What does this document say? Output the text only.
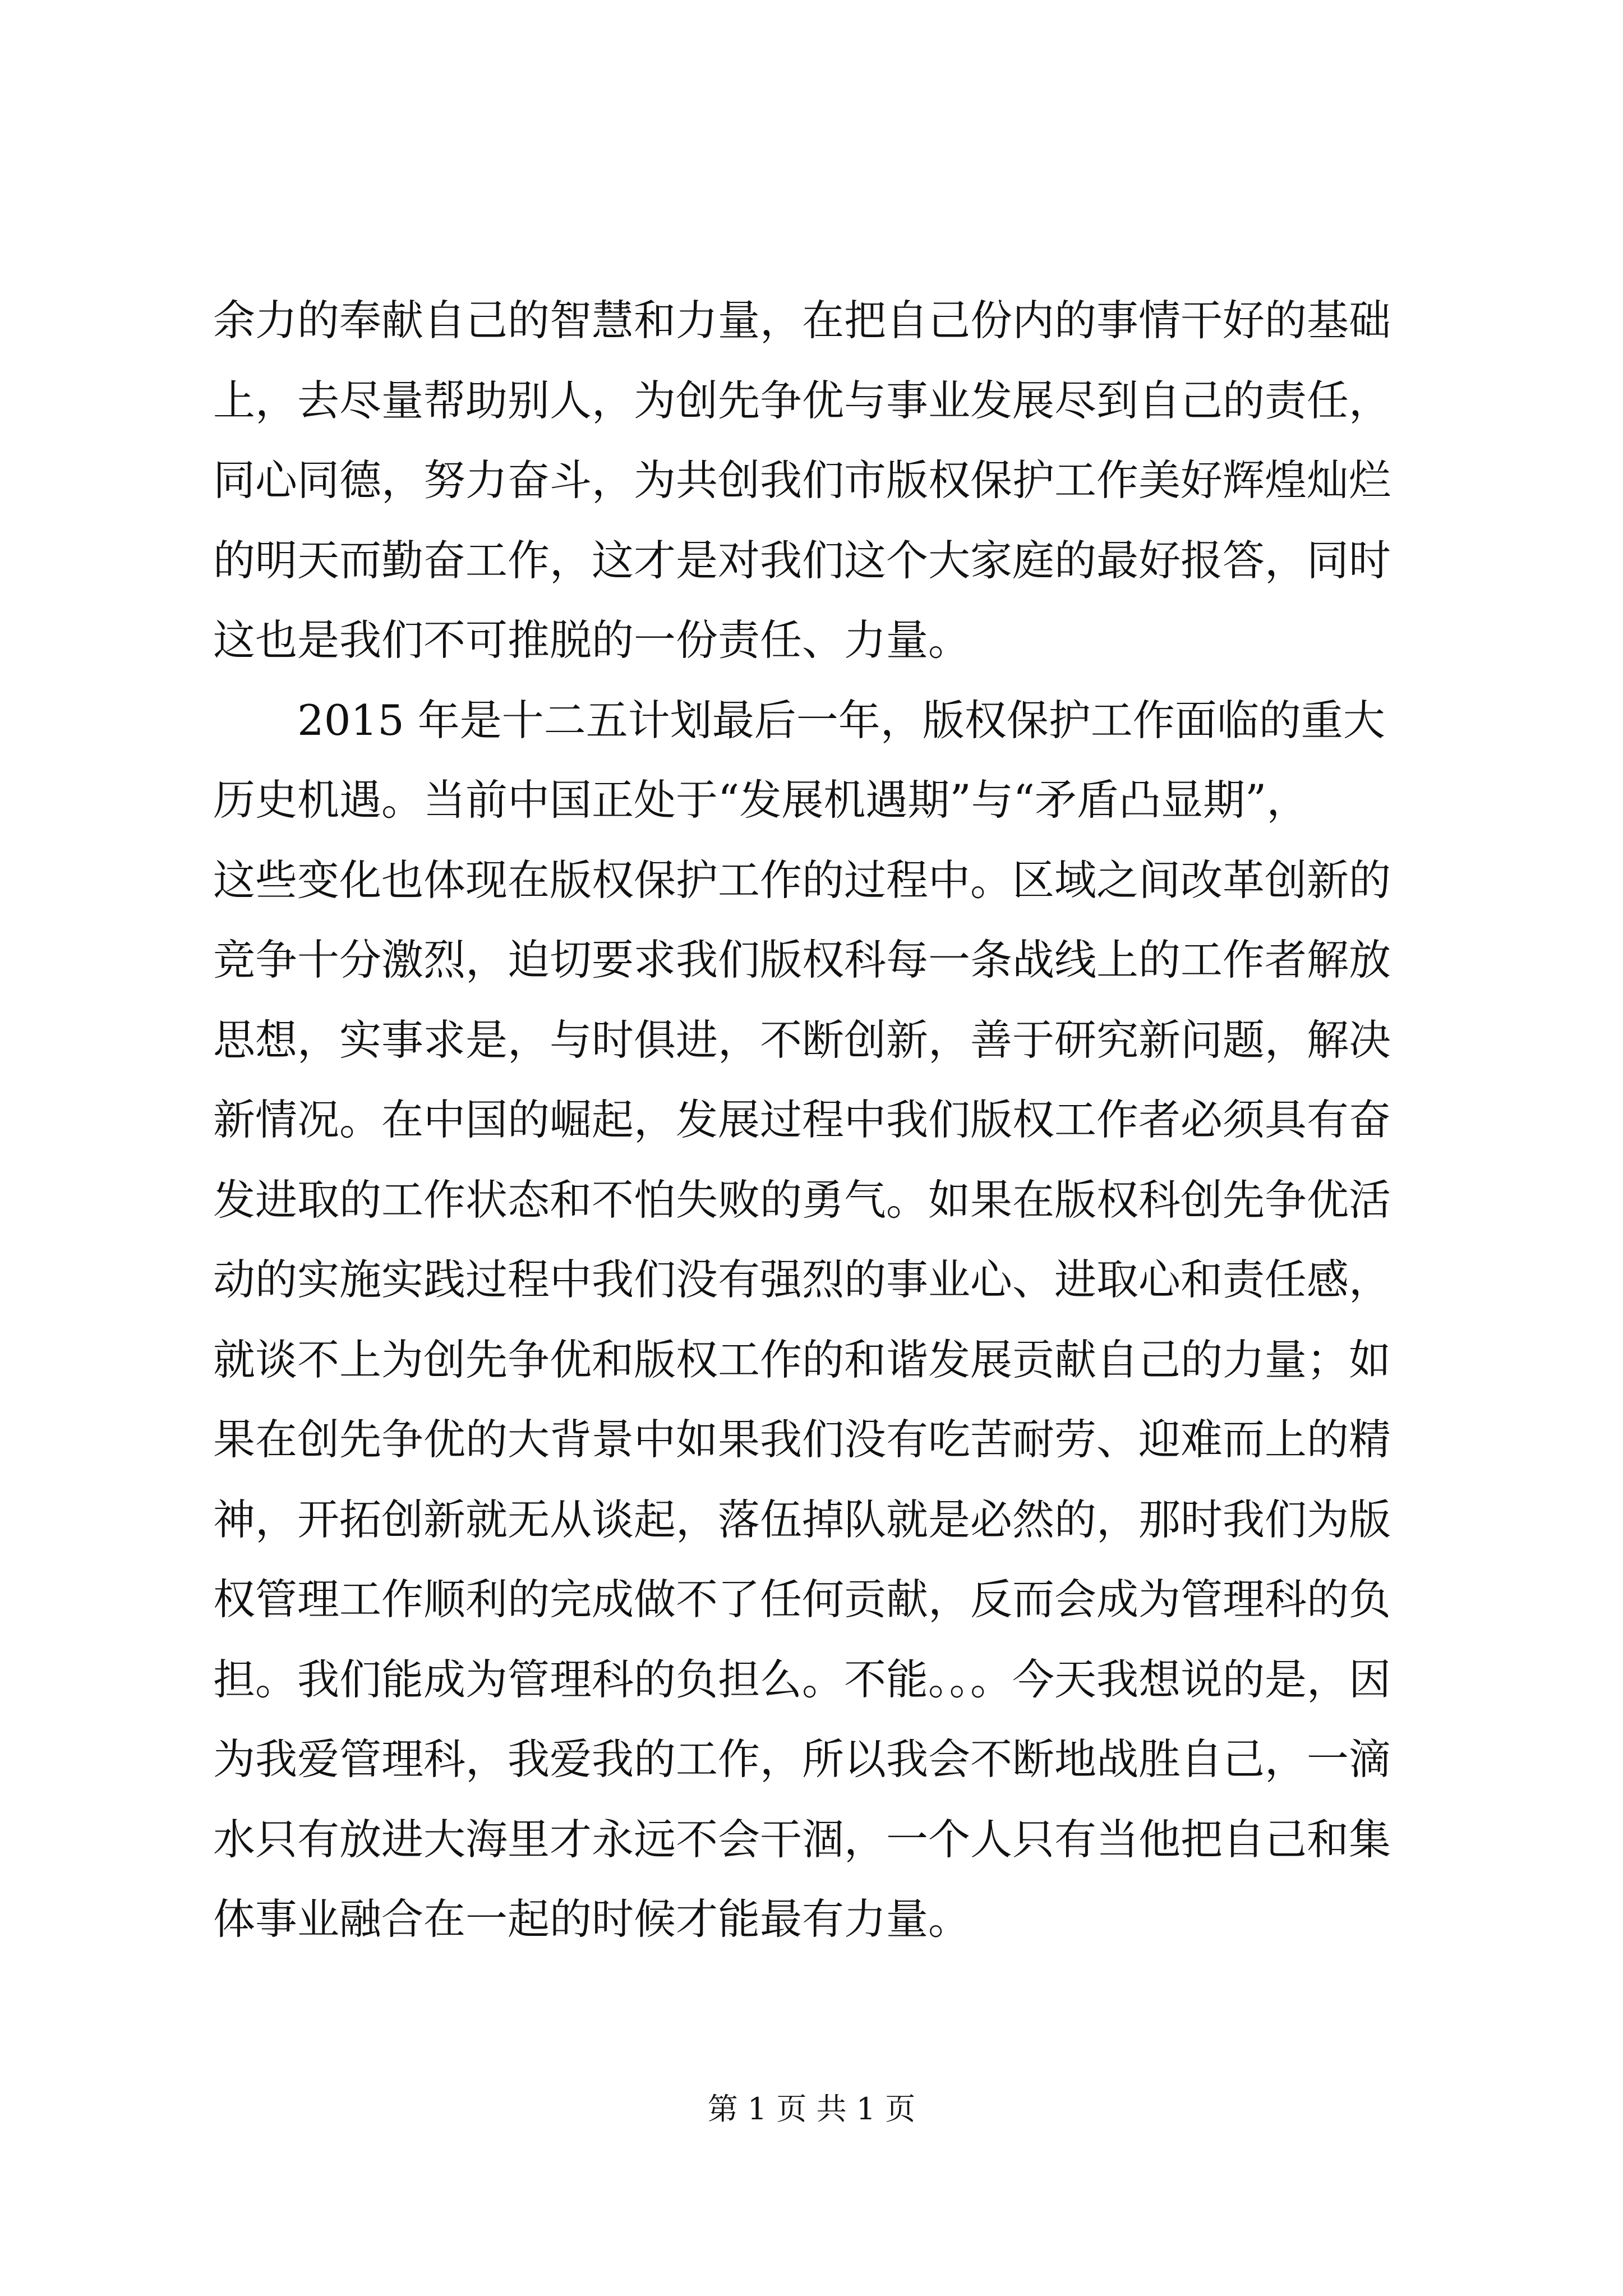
余力的奉献自己的智慧和力量，在把自己份内的事情干好的基础
上，去尽量帮助别人，为创先争优与事业发展尽到自己的责任，
同心同德，努力奋斗，为共创我们市版权保护工作美好辉煌灿烂
的明天而勤奋工作，这才是对我们这个大家庭的最好报答，同时
这也是我们不可推脱的一份责任、力量。
　　2015 年是十二五计划最后一年，版权保护工作面临的重大
历史机遇。当前中国正处于“发展机遇期”与“矛盾凸显期”，
这些变化也体现在版权保护工作的过程中。区域之间改革创新的
竞争十分激烈，迫切要求我们版权科每一条战线上的工作者解放
思想，实事求是，与时俱进，不断创新，善于研究新问题，解决
新情况。在中国的崛起，发展过程中我们版权工作者必须具有奋
发进取的工作状态和不怕失败的勇气。如果在版权科创先争优活
动的实施实践过程中我们没有强烈的事业心、进取心和责任感，
就谈不上为创先争优和版权工作的和谐发展贡献自己的力量；如
果在创先争优的大背景中如果我们没有吃苦耐劳、迎难而上的精
神，开拓创新就无从谈起，落伍掉队就是必然的，那时我们为版
权管理工作顺利的完成做不了任何贡献，反而会成为管理科的负
担。我们能成为管理科的负担么。不能。。。今天我想说的是，因
为我爱管理科，我爱我的工作，所以我会不断地战胜自己，一滴
水只有放进大海里才永远不会干涸，一个人只有当他把自己和集
体事业融合在一起的时候才能最有力量。
第 1 页 共 1 页
